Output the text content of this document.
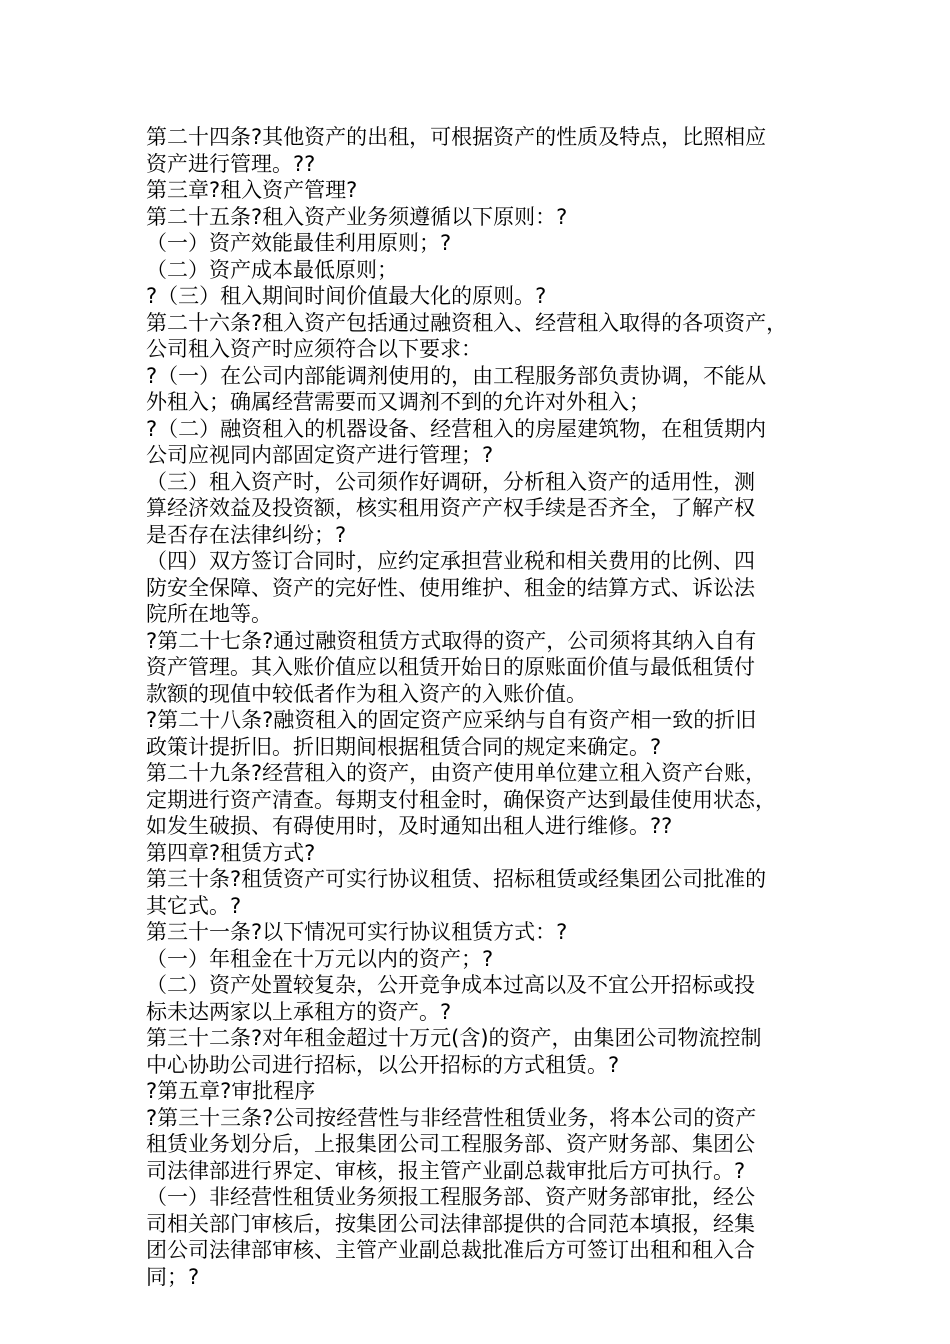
第二十四条?其他资产的出租，可根据资产的性质及特点，比照相应
资产进行管理。??
第三章?租入资产管理?
第二十五条?租入资产业务须遵循以下原则：?
（一）资产效能最佳利用原则；?
（二）资产成本最低原则；
?（三）租入期间时间价值最大化的原则。?
第二十六条?租入资产包括通过融资租入、经营租入取得的各项资产，
公司租入资产时应须符合以下要求：
?（一）在公司内部能调剂使用的，由工程服务部负责协调，不能从
外租入；确属经营需要而又调剂不到的允许对外租入；
?（二）融资租入的机器设备、经营租入的房屋建筑物，在租赁期内
公司应视同内部固定资产进行管理；?
（三）租入资产时，公司须作好调研，分析租入资产的适用性，测
算经济效益及投资额，核实租用资产产权手续是否齐全，了解产权
是否存在法律纠纷；?
（四）双方签订合同时，应约定承担营业税和相关费用的比例、四
防安全保障、资产的完好性、使用维护、租金的结算方式、诉讼法
院所在地等。
?第二十七条?通过融资租赁方式取得的资产，公司须将其纳入自有
资产管理。其入账价值应以租赁开始日的原账面价值与最低租赁付
款额的现值中较低者作为租入资产的入账价值。
?第二十八条?融资租入的固定资产应采纳与自有资产相一致的折旧
政策计提折旧。折旧期间根据租赁合同的规定来确定。?
第二十九条?经营租入的资产，由资产使用单位建立租入资产台账，
定期进行资产清查。每期支付租金时，确保资产达到最佳使用状态，
如发生破损、有碍使用时，及时通知出租人进行维修。??
第四章?租赁方式?
第三十条?租赁资产可实行协议租赁、招标租赁或经集团公司批准的
其它式。?
第三十一条?以下情况可实行协议租赁方式：?
（一）年租金在十万元以内的资产；?
（二）资产处置较复杂，公开竞争成本过高以及不宜公开招标或投
标未达两家以上承租方的资产。?
第三十二条?对年租金超过十万元(含)的资产，由集团公司物流控制
中心协助公司进行招标，以公开招标的方式租赁。?
?第五章?审批程序
?第三十三条?公司按经营性与非经营性租赁业务，将本公司的资产
租赁业务划分后，上报集团公司工程服务部、资产财务部、集团公
司法律部进行界定、审核，报主管产业副总裁审批后方可执行。?
（一）非经营性租赁业务须报工程服务部、资产财务部审批，经公
司相关部门审核后，按集团公司法律部提供的合同范本填报，经集
团公司法律部审核、主管产业副总裁批准后方可签订出租和租入合
同；?
